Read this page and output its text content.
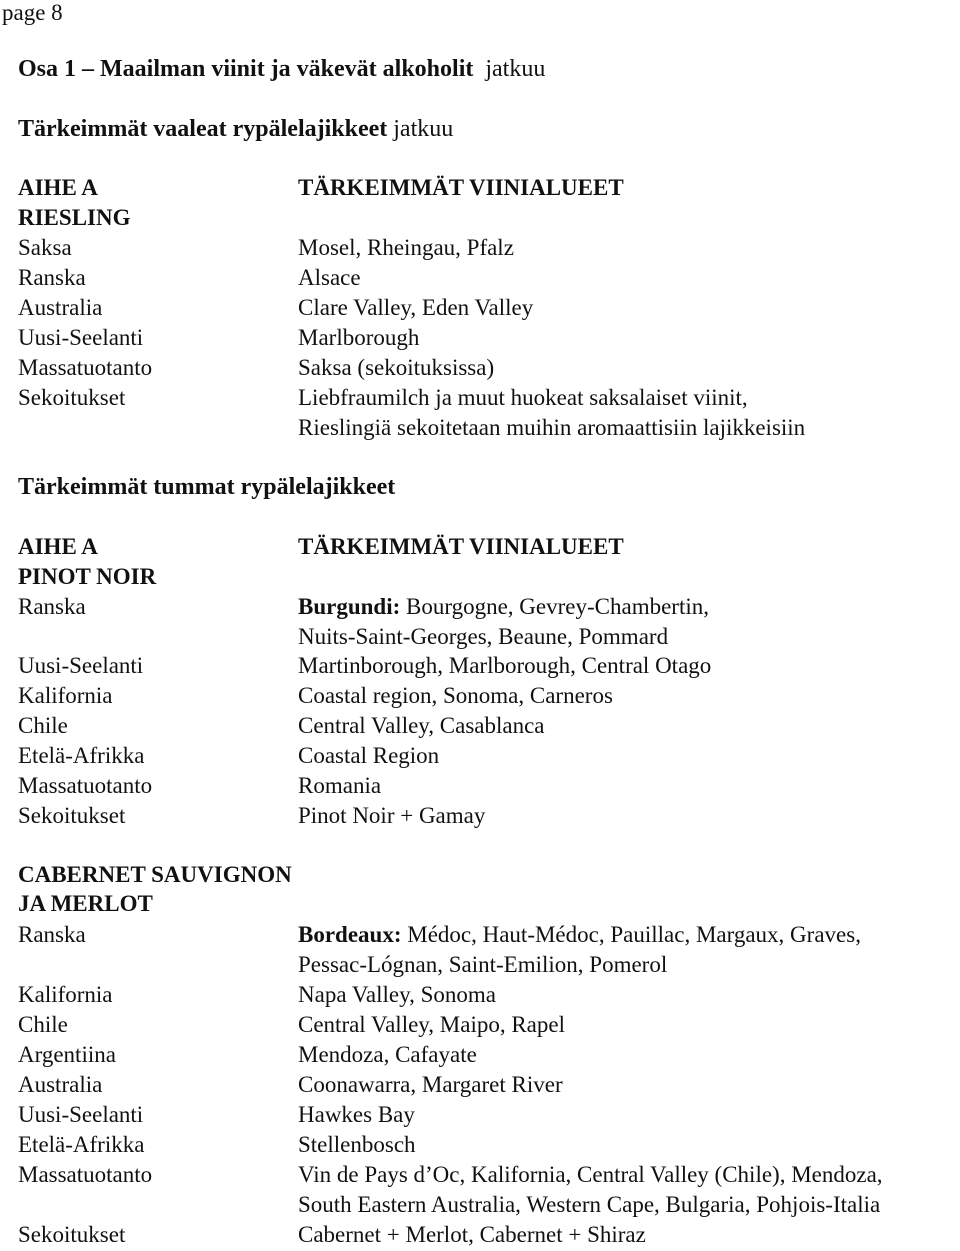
page 8
Osa 1 – Maailman viinit ja väkevät alkoholit jatkuu
Tärkeimmät vaaleat rypälelajikkeet jatkuu
AIHE A	TÄRKEIMMÄT VIINIALUEET
RIESLING
Saksa	Mosel, Rheingau, Pfalz
Ranska	Alsace
Australia	Clare Valley, Eden Valley
Uusi-Seelanti	Marlborough
Massatuotanto	Saksa (sekoituksissa)
Sekoitukset	Liebfraumilch ja muut huokeat saksalaiset viinit,
Rieslingiä sekoitetaan muihin aromaattisiin lajikkeisiin
Tärkeimmät tummat rypälelajikkeet
AIHE A	TÄRKEIMMÄT VIINIALUEET
PINOT NOIR
Ranska	Burgundi: Bourgogne, Gevrey-Chambertin,
Nuits-Saint-Georges, Beaune, Pommard
Uusi-Seelanti	Martinborough, Marlborough, Central Otago
Kalifornia	Coastal region, Sonoma, Carneros
Chile	Central Valley, Casablanca
Etelä-Afrikka	Coastal Region
Massatuotanto	Romania
Sekoitukset	Pinot Noir + Gamay
CABERNET SAUVIGNON
JA MERLOT
Ranska	Bordeaux: Médoc, Haut-Médoc, Pauillac, Margaux, Graves,
Pessac-Lógnan, Saint-Emilion, Pomerol
Kalifornia	Napa Valley, Sonoma
Chile	Central Valley, Maipo, Rapel
Argentiina	Mendoza, Cafayate
Australia	Coonawarra, Margaret River
Uusi-Seelanti	Hawkes Bay
Etelä-Afrikka	Stellenbosch
Massatuotanto	Vin de Pays d’Oc, Kalifornia, Central Valley (Chile), Mendoza,
South Eastern Australia, Western Cape, Bulgaria, Pohjois-Italia
Sekoitukset	Cabernet + Merlot, Cabernet + Shiraz
